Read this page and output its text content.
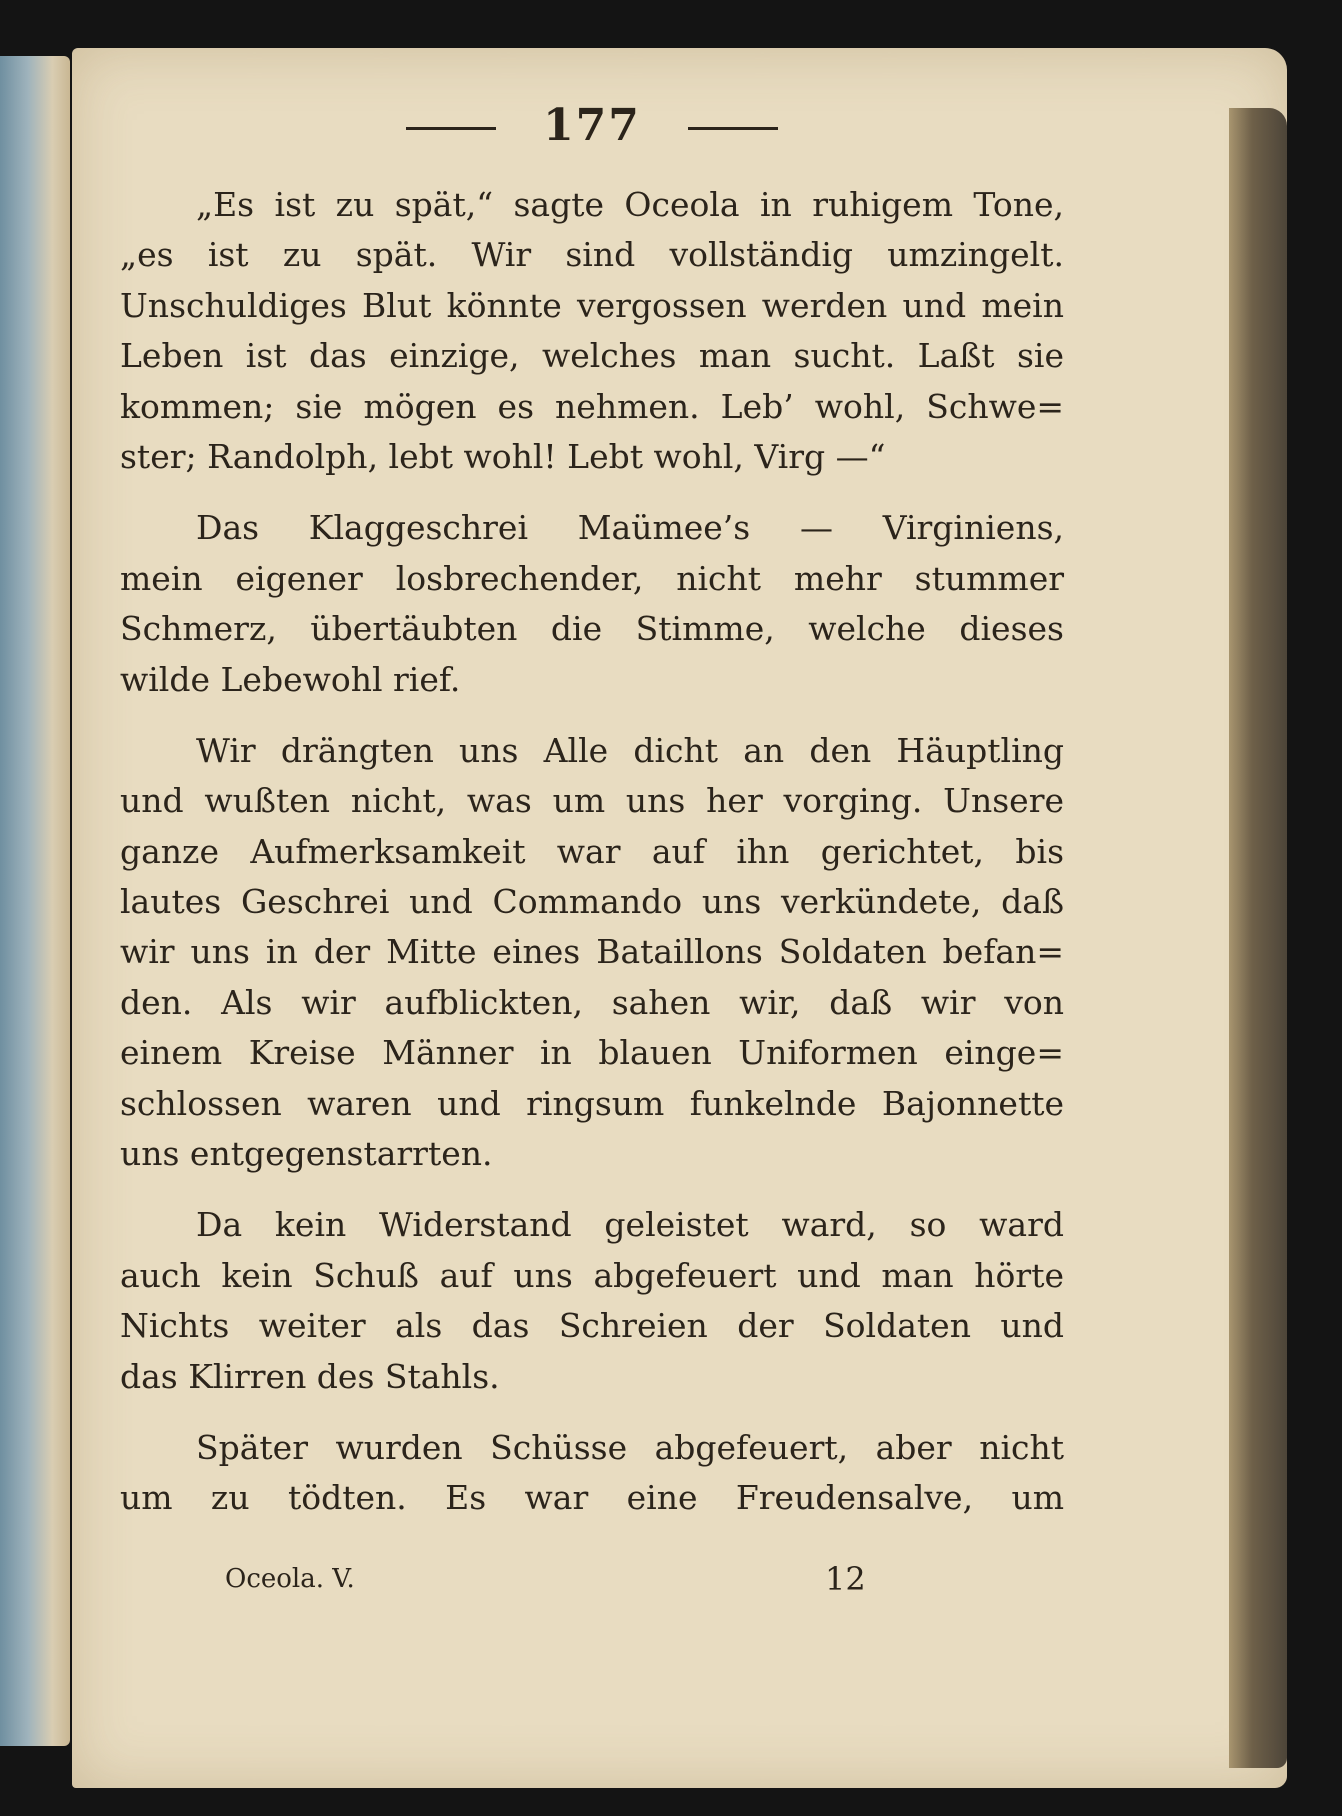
177
„Es ist zu spät,“ sagte Oceola in ruhigem Tone,
„es ist zu spät. Wir sind vollständig umzingelt.
Unschuldiges Blut könnte vergossen werden und mein
Leben ist das einzige, welches man sucht. Laßt sie
kommen; sie mögen es nehmen. Leb’ wohl, Schwe=
ster; Randolph, lebt wohl! Lebt wohl, Virg —“
Das Klaggeschrei Maümee’s — Virginiens,
mein eigener losbrechender, nicht mehr stummer
Schmerz, übertäubten die Stimme, welche dieses
wilde Lebewohl rief.
Wir drängten uns Alle dicht an den Häuptling
und wußten nicht, was um uns her vorging. Unsere
ganze Aufmerksamkeit war auf ihn gerichtet, bis
lautes Geschrei und Commando uns verkündete, daß
wir uns in der Mitte eines Bataillons Soldaten befan=
den. Als wir aufblickten, sahen wir, daß wir von
einem Kreise Männer in blauen Uniformen einge=
schlossen waren und ringsum funkelnde Bajonnette
uns entgegenstarrten.
Da kein Widerstand geleistet ward, so ward
auch kein Schuß auf uns abgefeuert und man hörte
Nichts weiter als das Schreien der Soldaten und
das Klirren des Stahls.
Später wurden Schüsse abgefeuert, aber nicht
um zu tödten. Es war eine Freudensalve, um
Oceola. V.	12
